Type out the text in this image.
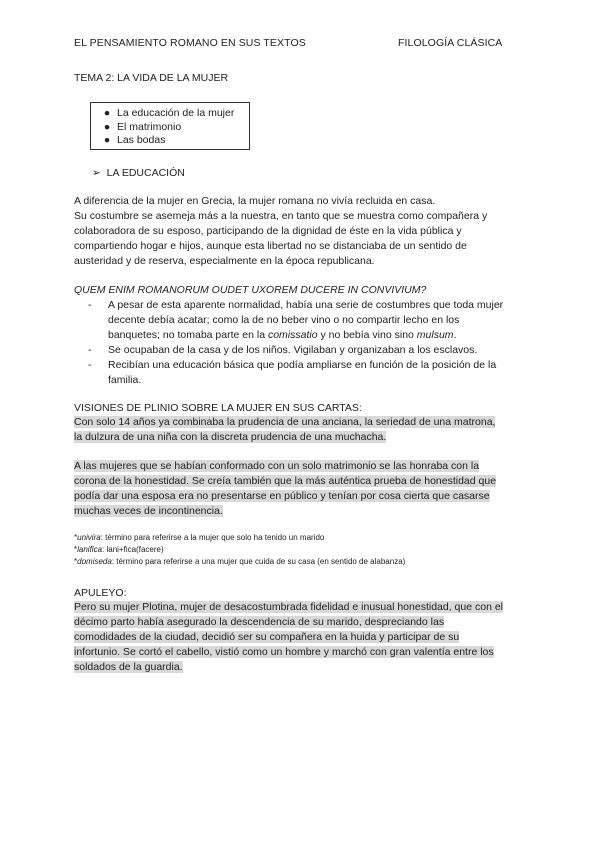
EL PENSAMIENTO ROMANO EN SUS TEXTOS	FILOLOGÍA CLÁSICA
TEMA 2: LA VIDA DE LA MUJER
● La educación de la mujer
● El matrimonio
● Las bodas
➢ LA EDUCACIÓN
A diferencia de la mujer en Grecia, la mujer romana no vivía recluida en casa.
Su costumbre se asemeja más a la nuestra, en tanto que se muestra como compañera y
colaboradora de su esposo, participando de la dignidad de éste en la vida pública y
compartiendo hogar e hijos, aunque esta libertad no se distanciaba de un sentido de
austeridad y de reserva, especialmente en la época republicana.
QUEM ENIM ROMANORUM OUDET UXOREM DUCERE IN CONVIVIUM?
- A pesar de esta aparente normalidad, había una serie de costumbres que toda mujer
decente debía acatar; como la de no beber vino o no compartir lecho en los
banquetes; no tomaba parte en la comissatio y no bebía vino sino mulsum.
- Se ocupaban de la casa y de los niños. Vigilaban y organizaban a los esclavos.
- Recibían una educación básica que podía ampliarse en función de la posición de la
familia.
VISIONES DE PLINIO SOBRE LA MUJER EN SUS CARTAS:
Con solo 14 años ya combinaba la prudencia de una anciana, la seriedad de una matrona,
la dulzura de una niña con la discreta prudencia de una muchacha.
A las mujeres que se habían conformado con un solo matrimonio se las honraba con la
corona de la honestidad. Se creía también que la más auténtica prueba de honestidad que
podía dar una esposa era no presentarse en público y tenían por cosa cierta que casarse
muchas veces de incontinencia.
*univira: término para referirse a la mujer que solo ha tenido un marido
*lanifica: lani+fica(facere)
*domiseda: término para referirse a una mujer que cuida de su casa (en sentido de alabanza)
APULEYO:
Pero su mujer Plotina, mujer de desacostumbrada fidelidad e inusual honestidad, que con el
décimo parto había asegurado la descendencia de su marido, despreciando las
comodidades de la ciudad, decidió ser su compañera en la huida y participar de su
infortunio. Se cortó el cabello, vistió como un hombre y marchó con gran valentía entre los
soldados de la guardia.
